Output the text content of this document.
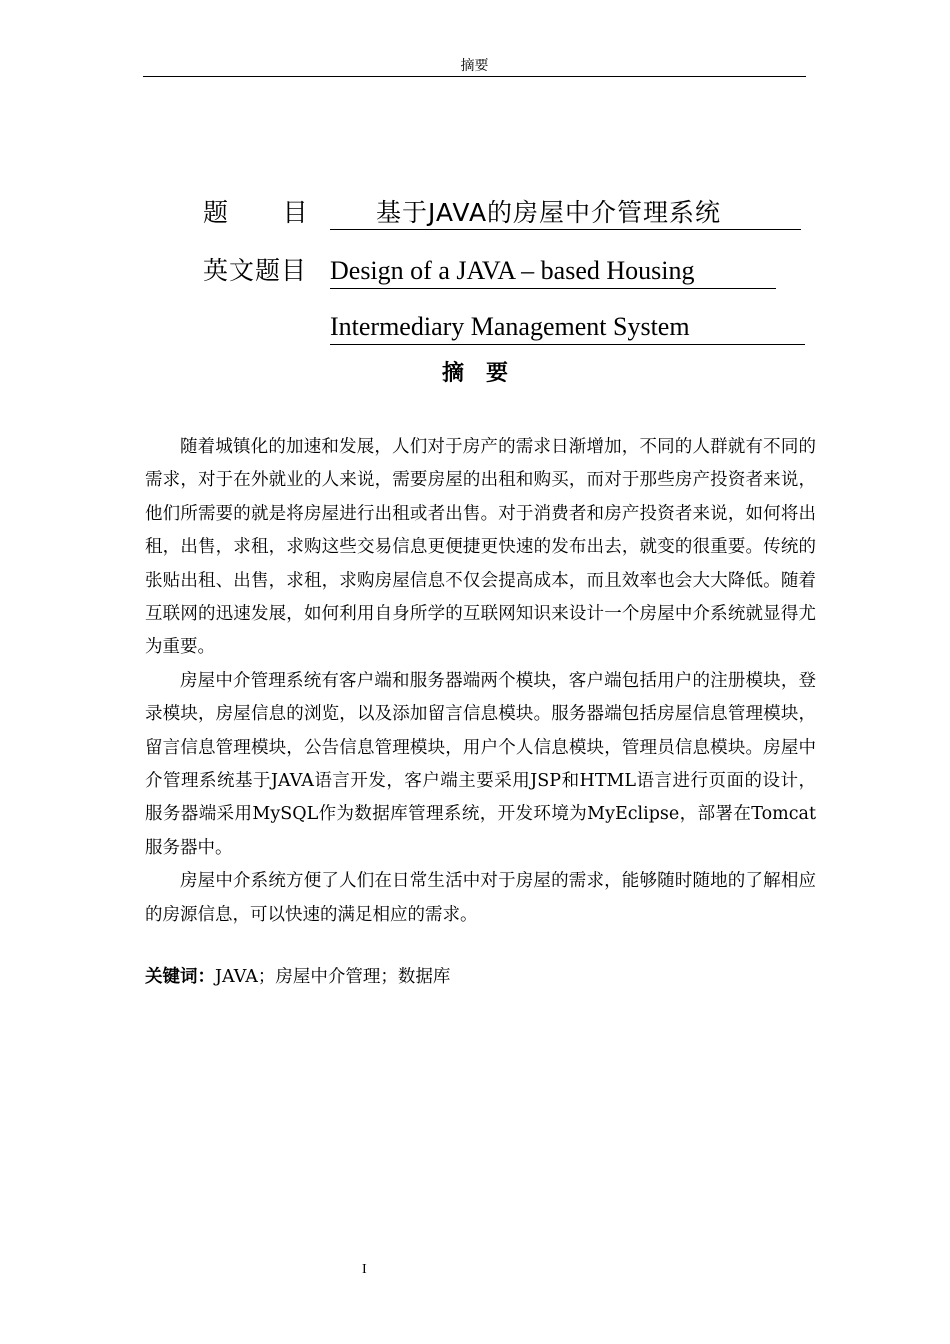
摘要
题      目	基于JAVA的房屋中介管理系统
英文题目 Design of a JAVA – based Housing
Intermediary Management System
摘要

随着城镇化的加速和发展，人们对于房产的需求日渐增加，不同的人群就有不同的需求，对于在外就业的人来说，需要房屋的出租和购买，而对于那些房产投资者来说，他们所需要的就是将房屋进行出租或者出售。对于消费者和房产投资者来说，如何将出租，出售，求租，求购这些交易信息更便捷更快速的发布出去，就变的很重要。传统的张贴出租、出售，求租，求购房屋信息不仅会提高成本，而且效率也会大大降低。随着互联网的迅速发展，如何利用自身所学的互联网知识来设计一个房屋中介系统就显得尤为重要。

房屋中介管理系统有客户端和服务器端两个模块，客户端包括用户的注册模块，登录模块，房屋信息的浏览，以及添加留言信息模块。服务器端包括房屋信息管理模块，留言信息管理模块，公告信息管理模块，用户个人信息模块，管理员信息模块。房屋中介管理系统基于JAVA语言开发，客户端主要采用JSP和HTML语言进行页面的设计，服务器端采用MySQL作为数据库管理系统，开发环境为MyEclipse，部署在Tomcat服务器中。

房屋中介系统方便了人们在日常生活中对于房屋的需求，能够随时随地的了解相应的房源信息，可以快速的满足相应的需求。

关键词：JAVA；房屋中介管理；数据库
I
